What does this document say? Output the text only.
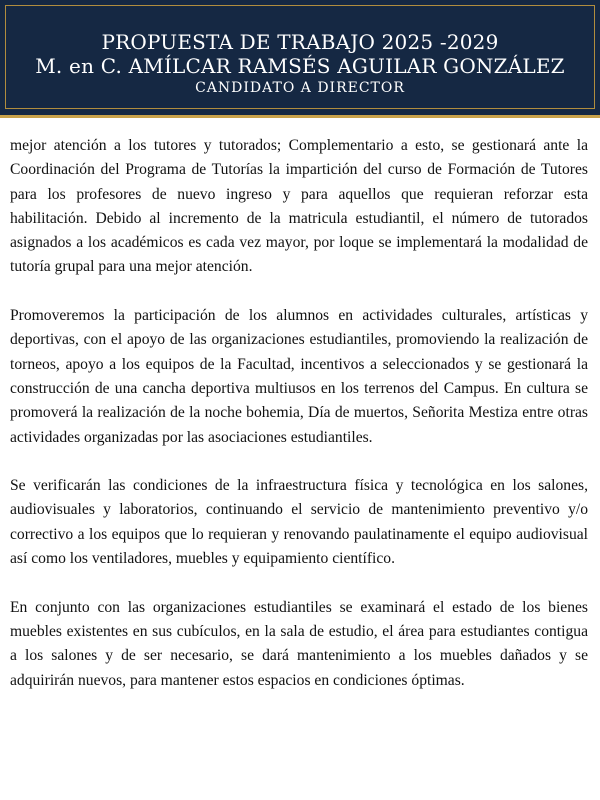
PROPUESTA DE TRABAJO 2025 -2029
M. en C. AMÍLCAR RAMSÉS AGUILAR GONZÁLEZ
CANDIDATO A DIRECTOR

mejor atención a los tutores y tutorados; Complementario a esto, se gestionará ante la Coordinación del Programa de Tutorías la impartición del curso de Formación de Tutores para los profesores de nuevo ingreso y para aquellos que requieran reforzar esta habilitación. Debido al incremento de la matricula estudiantil, el número de tutorados asignados a los académicos es cada vez mayor, por loque se implementará la modalidad de tutoría grupal para una mejor atención.

Promoveremos la participación de los alumnos en actividades culturales, artísticas y deportivas, con el apoyo de las organizaciones estudiantiles, promoviendo la realización de torneos, apoyo a los equipos de la Facultad, incentivos a seleccionados y se gestionará la construcción de una cancha deportiva multiusos en los terrenos del Campus. En cultura se promoverá la realización de la noche bohemia, Día de muertos, Señorita Mestiza entre otras actividades organizadas por las asociaciones estudiantiles.

Se verificarán las condiciones de la infraestructura física y tecnológica en los salones, audiovisuales y laboratorios, continuando el servicio de mantenimiento preventivo y/o correctivo a los equipos que lo requieran y renovando paulatinamente el equipo audiovisual así como los ventiladores, muebles y equipamiento científico.

En conjunto con las organizaciones estudiantiles se examinará el estado de los bienes muebles existentes en sus cubículos, en la sala de estudio, el área para estudiantes contigua a los salones y de ser necesario, se dará mantenimiento a los muebles dañados y se adquirirán nuevos, para mantener estos espacios en condiciones óptimas.
